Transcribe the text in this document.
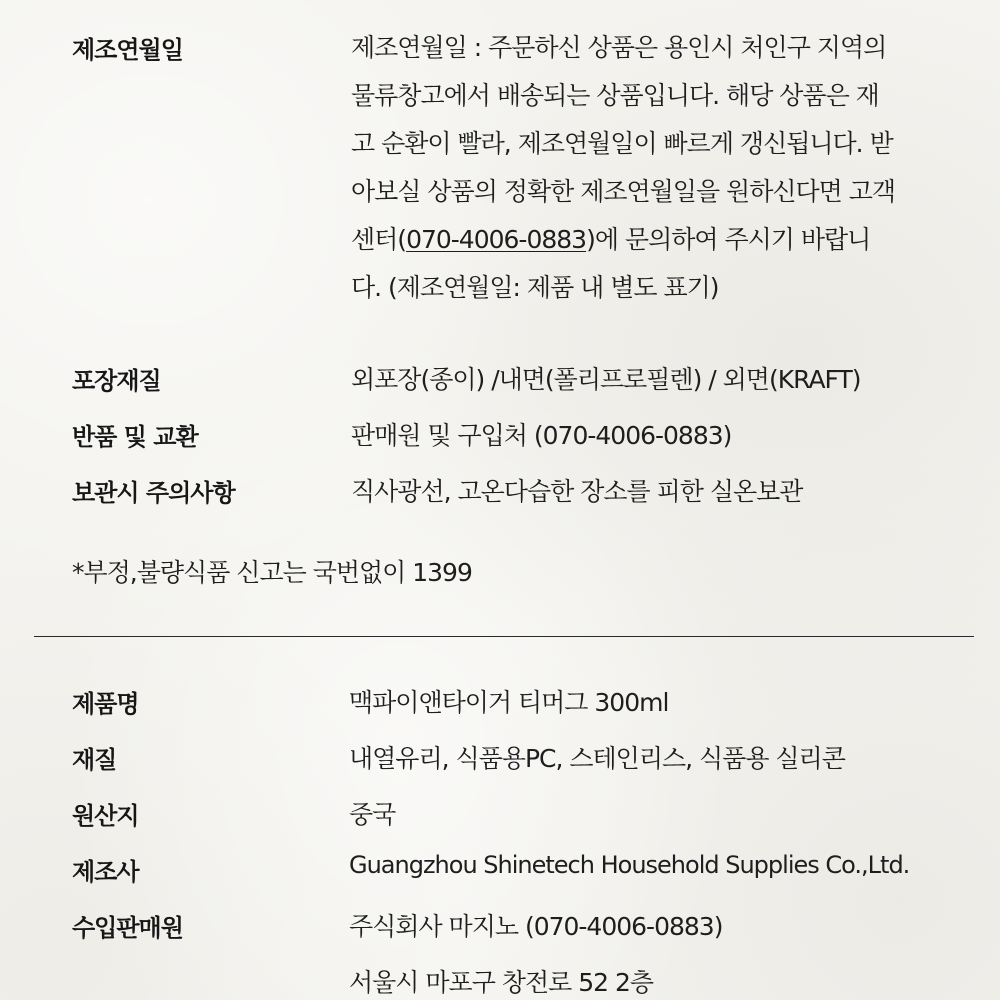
제조연월일	제조연월일 : 주문하신 상품은 용인시 처인구 지역의
물류창고에서 배송되는 상품입니다. 해당 상품은 재
고 순환이 빨라, 제조연월일이 빠르게 갱신됩니다. 받
아보실 상품의 정확한 제조연월일을 원하신다면 고객
센터(070-4006-0883)에 문의하여 주시기 바랍니
다. (제조연월일: 제품 내 별도 표기)
포장재질	외포장(종이) /내면(폴리프로필렌) / 외면(KRAFT)
반품 및 교환	판매원 및 구입처 (070-4006-0883)
보관시 주의사항	직사광선, 고온다습한 장소를 피한 실온보관
*부정,불량식품 신고는 국번없이 1399
제품명	맥파이앤타이거 티머그 300ml
재질	내열유리, 식품용PC, 스테인리스, 식품용 실리콘
원산지	중국
제조사	Guangzhou Shinetech Household Supplies Co.,Ltd.
수입판매원	주식회사 마지노 (070-4006-0883)
서울시 마포구 창전로 52 2층
